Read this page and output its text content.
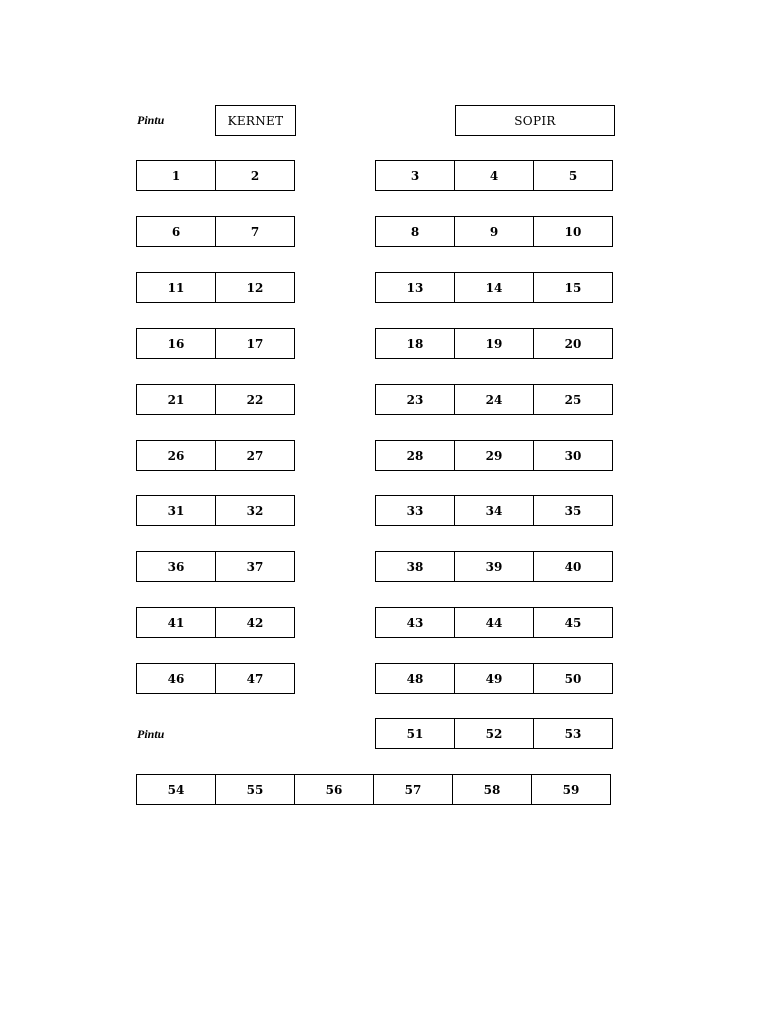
Pintu	KERNET	SOPIR
1	2	3	4	5
6	7	8	9	10
11	12	13	14	15
16	17	18	19	20
21	22	23	24	25
26	27	28	29	30
31	32	33	34	35
36	37	38	39	40
41	42	43	44	45
46	47	48	49	50
Pintu	51	52	53
54	55	56	57	58	59
